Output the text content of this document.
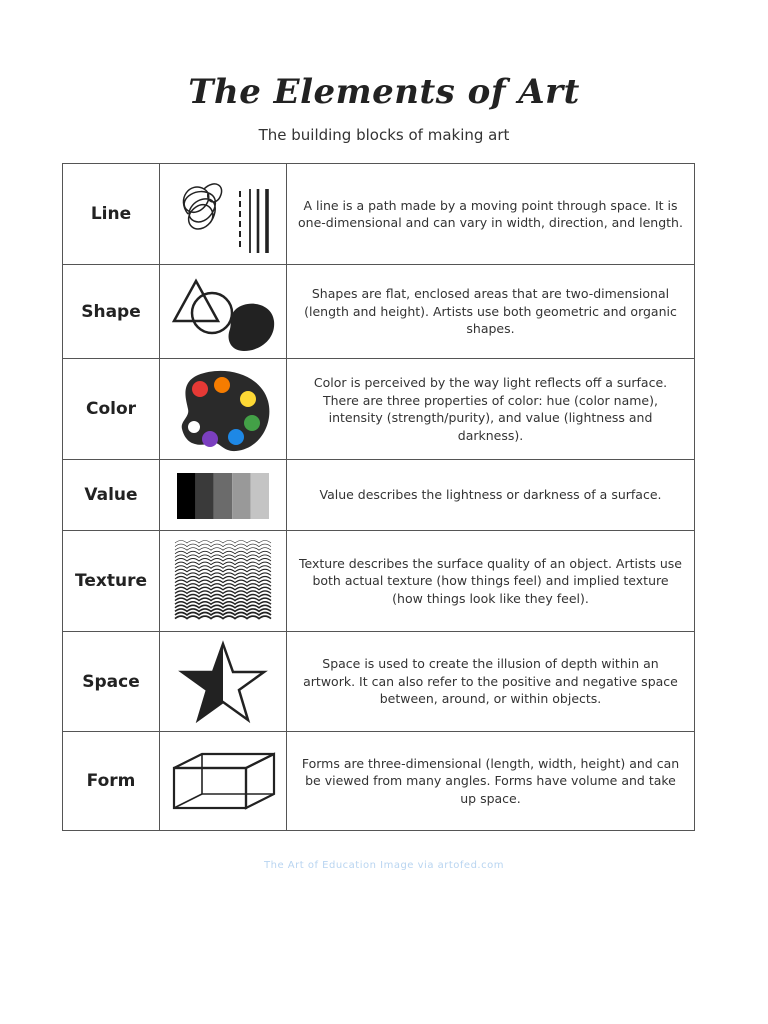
The Elements of Art

The building blocks of making art

Line	A line is a path made by a moving point through space. It is one-dimensional and can vary in width, direction, and length.
Shape
Shapes are flat, enclosed areas that are two-dimensional (length and height). Artists use both geometric and organic shapes.
Color
Color is perceived by the way light reflects off a surface. There are three properties of color: hue (color name), intensity (strength/purity), and value (lightness and darkness).
Value	Value describes the lightness or darkness of a surface.
Texture
Texture describes the surface quality of an object. Artists use both actual texture (how things feel) and implied texture (how things look like they feel).
Space
Space is used to create the illusion of depth within an artwork. It can also refer to the positive and negative space between, around, or within objects.
Form
Forms are three-dimensional (length, width, height) and can be viewed from many angles. Forms have volume and take up space.
The Art of Education Image via artofed.com
